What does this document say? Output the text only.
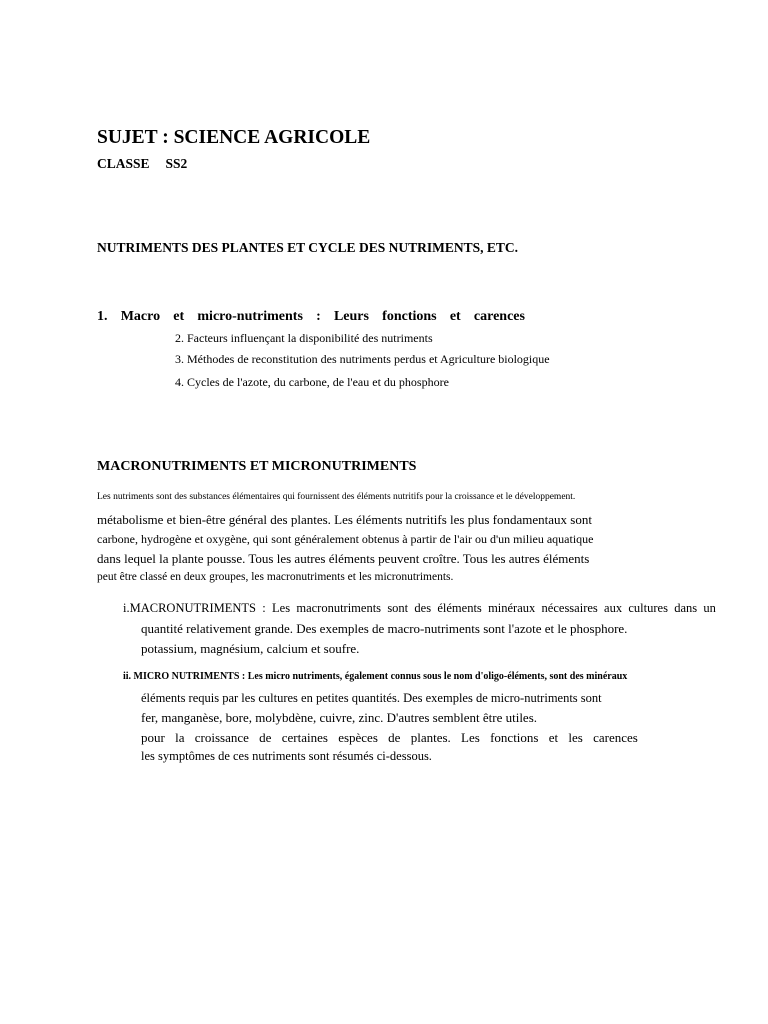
SUJET : SCIENCE AGRICOLE
CLASSE SS2
NUTRIMENTS DES PLANTES ET CYCLE DES NUTRIMENTS, ETC.
1. Macro et micro-nutriments : Leurs fonctions et carences
2. Facteurs influençant la disponibilité des nutriments
3. Méthodes de reconstitution des nutriments perdus et Agriculture biologique
4. Cycles de l'azote, du carbone, de l'eau et du phosphore
MACRONUTRIMENTS ET MICRONUTRIMENTS
Les nutriments sont des substances élémentaires qui fournissent des éléments nutritifs pour la croissance et le développement.
métabolisme et bien-être général des plantes. Les éléments nutritifs les plus fondamentaux sont
carbone, hydrogène et oxygène, qui sont généralement obtenus à partir de l'air ou d'un milieu aquatique
dans lequel la plante pousse. Tous les autres éléments peuvent croître. Tous les autres éléments
peut être classé en deux groupes, les macronutriments et les micronutriments.
i.MACRONUTRIMENTS : Les macronutriments sont des éléments minéraux nécessaires aux cultures dans un
quantité relativement grande. Des exemples de macro-nutriments sont l'azote et le phosphore.
potassium, magnésium, calcium et soufre.
ii. MICRO NUTRIMENTS : Les micro nutriments, également connus sous le nom d'oligo-éléments, sont des minéraux
éléments requis par les cultures en petites quantités. Des exemples de micro-nutriments sont
fer, manganèse, bore, molybdène, cuivre, zinc. D'autres semblent être utiles.
pour la croissance de certaines espèces de plantes. Les fonctions et les carences
les symptômes de ces nutriments sont résumés ci-dessous.
